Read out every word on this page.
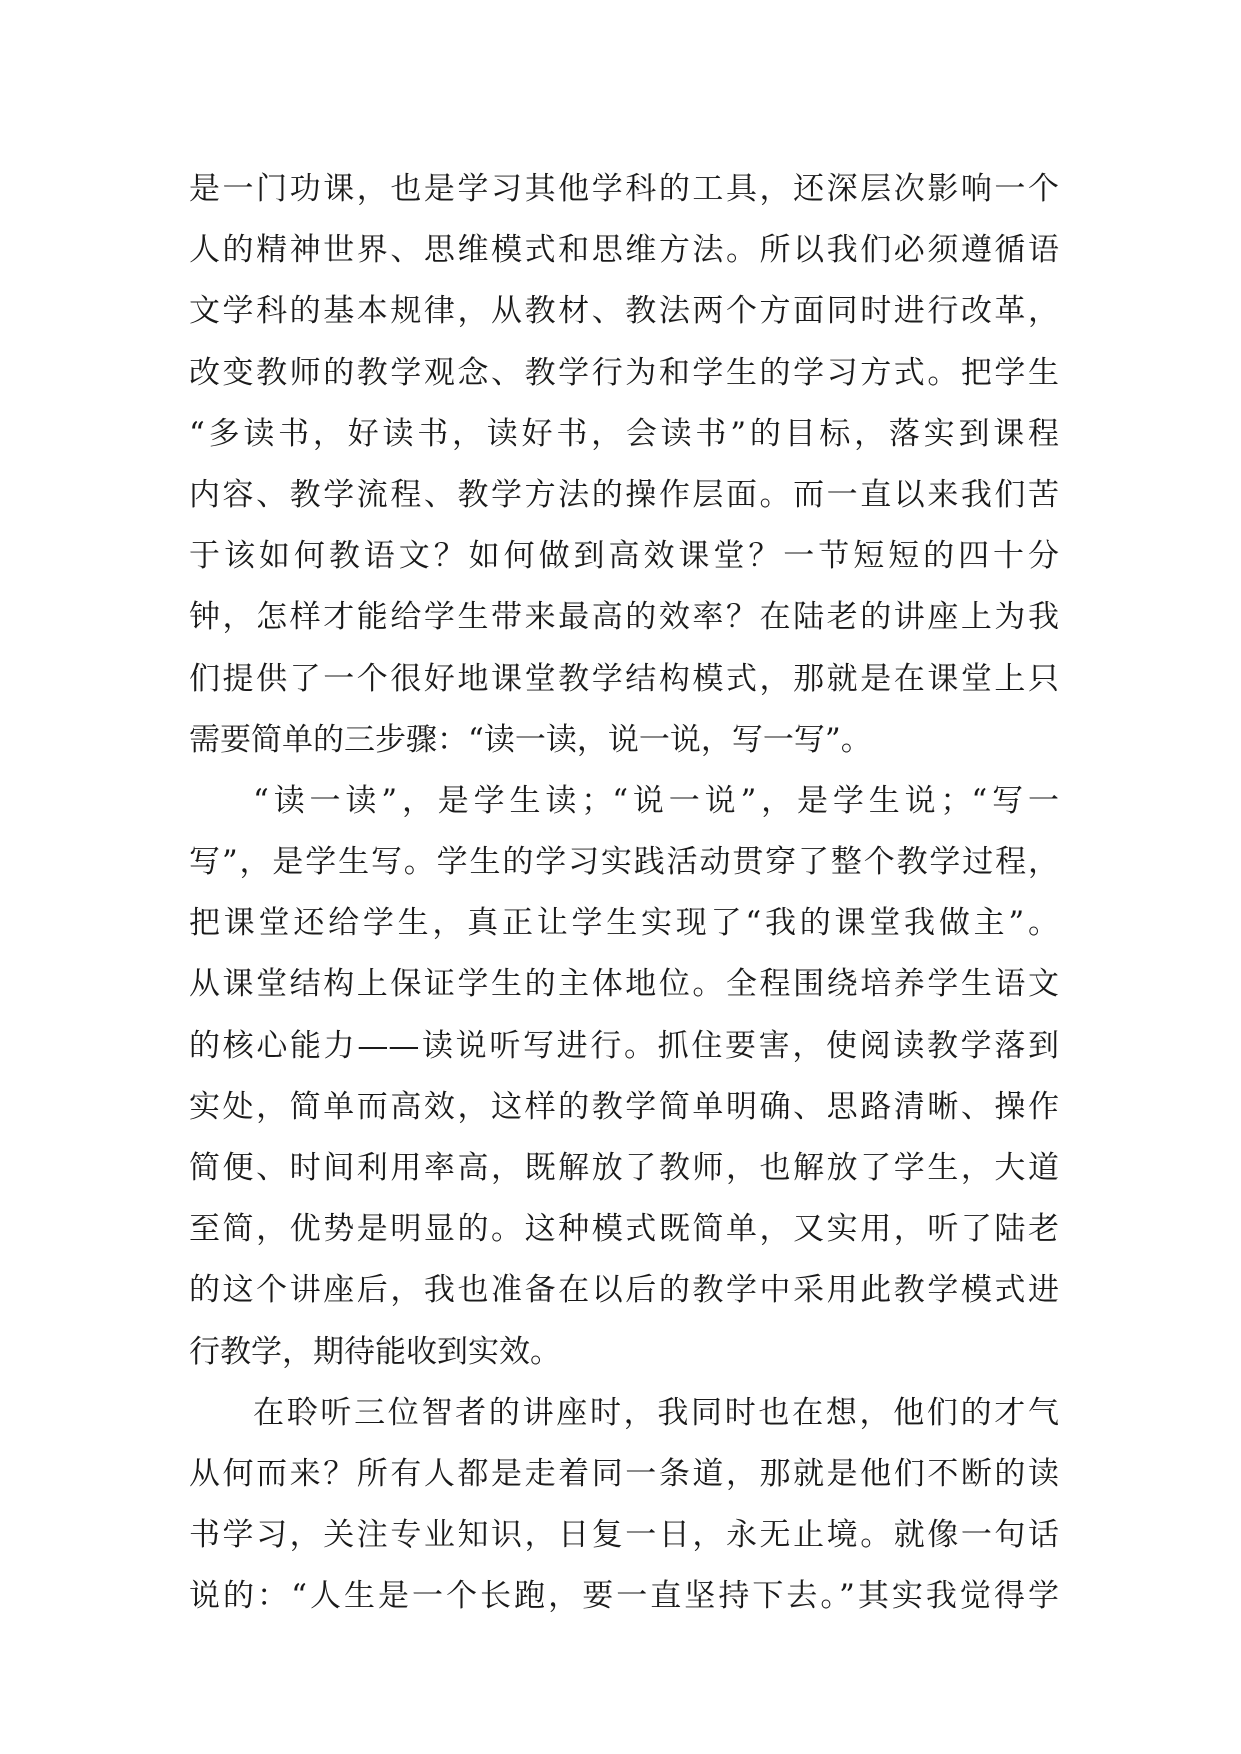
是一门功课，也是学习其他学科的工具，还深层次影响一个
人的精神世界、思维模式和思维方法。所以我们必须遵循语
文学科的基本规律，从教材、教法两个方面同时进行改革，
改变教师的教学观念、教学行为和学生的学习方式。把学生
“多读书，好读书，读好书，会读书”的目标，落实到课程
内容、教学流程、教学方法的操作层面。而一直以来我们苦
于该如何教语文？如何做到高效课堂？一节短短的四十分
钟，怎样才能给学生带来最高的效率？在陆老的讲座上为我
们提供了一个很好地课堂教学结构模式，那就是在课堂上只
需要简单的三步骤：“读一读，说一说，写一写”。
“读一读”，是学生读；“说一说”，是学生说；“写一
写”，是学生写。学生的学习实践活动贯穿了整个教学过程，
把课堂还给学生，真正让学生实现了“我的课堂我做主”。
从课堂结构上保证学生的主体地位。全程围绕培养学生语文
的核心能力——读说听写进行。抓住要害，使阅读教学落到
实处，简单而高效，这样的教学简单明确、思路清晰、操作
简便、时间利用率高，既解放了教师，也解放了学生，大道
至简，优势是明显的。这种模式既简单，又实用，听了陆老
的这个讲座后，我也准备在以后的教学中采用此教学模式进
行教学，期待能收到实效。
在聆听三位智者的讲座时，我同时也在想，他们的才气
从何而来？所有人都是走着同一条道，那就是他们不断的读
书学习，关注专业知识，日复一日，永无止境。就像一句话
说的：“人生是一个长跑，要一直坚持下去。”其实我觉得学
